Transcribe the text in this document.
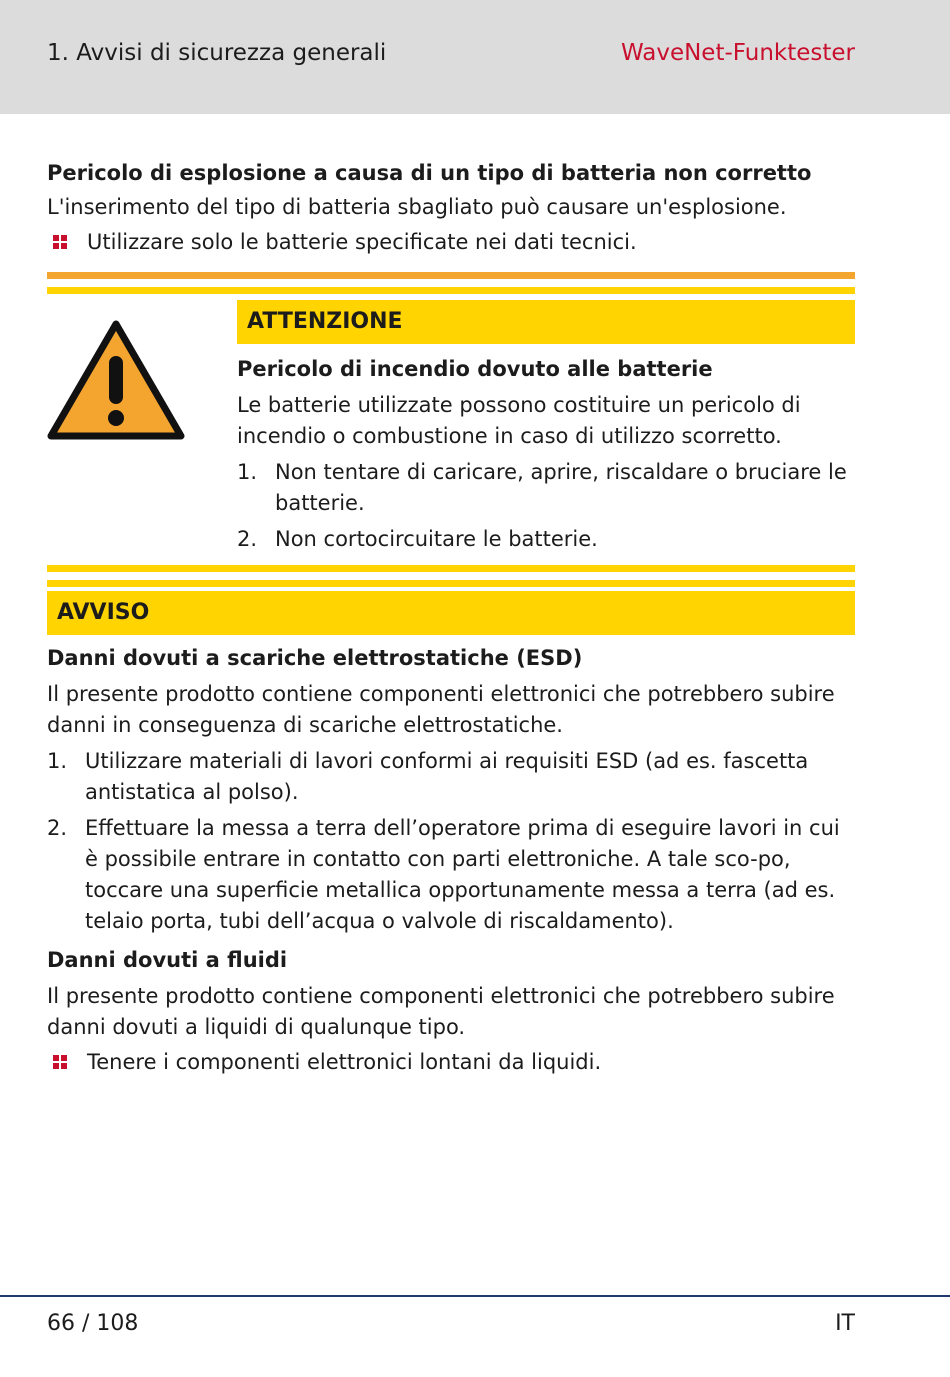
1. Avvisi di sicurezza generali	WaveNet-Funktester
Pericolo di esplosione a causa di un tipo di batteria non corretto
L'inserimento del tipo di batteria sbagliato può causare un'esplosione.
Utilizzare solo le batterie specificate nei dati tecnici.
ATTENZIONE
Pericolo di incendio dovuto alle batterie
Le batterie utilizzate possono costituire un pericolo di incendio o combustione in caso di utilizzo scorretto.
1. Non tentare di caricare, aprire, riscaldare o bruciare le batterie.
2. Non cortocircuitare le batterie.
AVVISO
Danni dovuti a scariche elettrostatiche (ESD)
Il presente prodotto contiene componenti elettronici che potrebbero subire danni in conseguenza di scariche elettrostatiche.
1. Utilizzare materiali di lavori conformi ai requisiti ESD (ad es. fascetta antistatica al polso).
2. Effettuare la messa a terra dell’operatore prima di eseguire lavori in cui è possibile entrare in contatto con parti elettroniche. A tale sco-po, toccare una superficie metallica opportunamente messa a terra (ad es. telaio porta, tubi dell’acqua o valvole di riscaldamento).
Danni dovuti a fluidi
Il presente prodotto contiene componenti elettronici che potrebbero subire danni dovuti a liquidi di qualunque tipo.
Tenere i componenti elettronici lontani da liquidi.
66 / 108	IT
